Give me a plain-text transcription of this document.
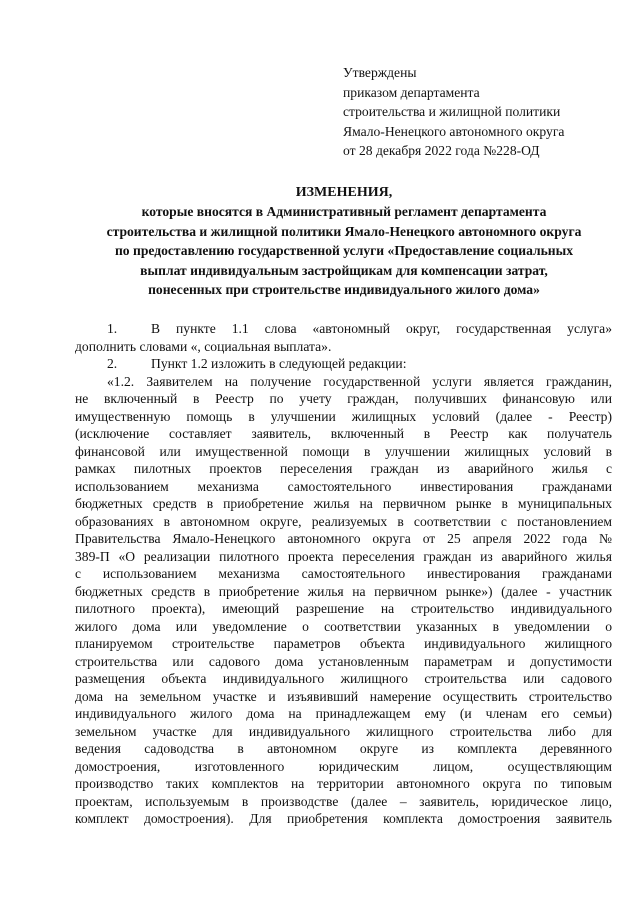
Утверждены
приказом департамента
строительства и жилищной политики
Ямало-Ненецкого автономного округа
от 28 декабря 2022 года №228-ОД
ИЗМЕНЕНИЯ,
которые вносятся в Административный регламент департамента
строительства и жилищной политики Ямало-Ненецкого автономного округа
по предоставлению государственной услуги «Предоставление социальных
выплат индивидуальным застройщикам для компенсации затрат,
понесенных при строительстве индивидуального жилого дома»
1. В пункте 1.1 слова «автономный округ, государственная услуга»
дополнить словами «, социальная выплата».
2. Пункт 1.2 изложить в следующей редакции:
«1.2. Заявителем на получение государственной услуги является гражданин,
не включенный в Реестр по учету граждан, получивших финансовую или
имущественную помощь в улучшении жилищных условий (далее - Реестр)
(исключение составляет заявитель, включенный в Реестр как получатель
финансовой или имущественной помощи в улучшении жилищных условий в
рамках пилотных проектов переселения граждан из аварийного жилья с
использованием механизма самостоятельного инвестирования гражданами
бюджетных средств в приобретение жилья на первичном рынке в муниципальных
образованиях в автономном округе, реализуемых в соответствии с постановлением
Правительства Ямало-Ненецкого автономного округа от 25 апреля 2022 года №
389-П «О реализации пилотного проекта переселения граждан из аварийного жилья
с использованием механизма самостоятельного инвестирования гражданами
бюджетных средств в приобретение жилья на первичном рынке») (далее - участник
пилотного проекта), имеющий разрешение на строительство индивидуального
жилого дома или уведомление о соответствии указанных в уведомлении о
планируемом строительстве параметров объекта индивидуального жилищного
строительства или садового дома установленным параметрам и допустимости
размещения объекта индивидуального жилищного строительства или садового
дома на земельном участке и изъявивший намерение осуществить строительство
индивидуального жилого дома на принадлежащем ему (и членам его семьи)
земельном участке для индивидуального жилищного строительства либо для
ведения садоводства в автономном округе из комплекта деревянного
домостроения, изготовленного юридическим лицом, осуществляющим
производство таких комплектов на территории автономного округа по типовым
проектам, используемым в производстве (далее – заявитель, юридическое лицо,
комплект домостроения). Для приобретения комплекта домостроения заявитель
